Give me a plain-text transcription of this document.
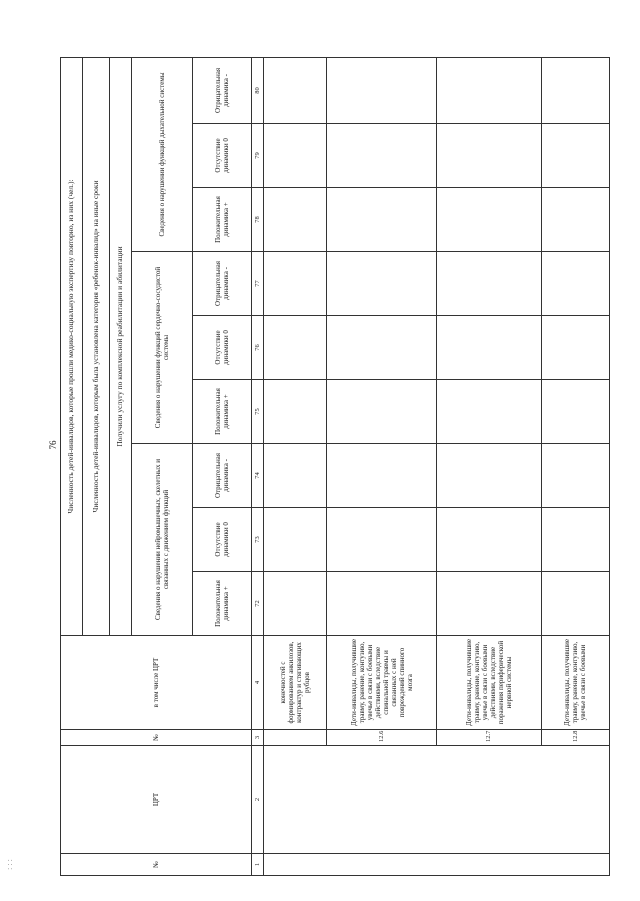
76
: : :	№	ЦРТ	№	в том числе ЦРТ	Численность детей-инвалидов, которые прошли медико-социальную экспертизу повторно, из них (чел.):								
				Численность детей-инвалидов, которым была установлена категория «ребенок-инвалид» на иные сроки								
				Получили услугу по комплексной реабилитации и абилитации								
				Сведения о нарушении нейромышечных, скелетных и связанных с движением функций			Сведения о нарушении функций сердечно-сосудистой системы			Сведения о нарушении функций дыхательной системы		
				Положительная динамика +	Отсутствие динамики 0	Отрицательная динамика -	Положительная динамика +	Отсутствие динамики 0	Отрицательная динамика -	Положительная динамика +	Отсутствие динамики 0	Отрицательная динамика -
1	2	3	4	72	73	74	75	76	77	78	79	80
			конечностей с формированием анкилозов, контрактур и стягивающих рубцов									
		12.6	Дети-инвалиды, получившие травму, ранение, контузию, увечье в связи с боевыми действиями, вследствие спинальной травмы и связанных с ней повреждений спинного мозга									
		12.7	Дети-инвалиды, получившие травму, ранение, контузию, увечье в связи с боевыми действиями, вследствие поражения периферической нервной системы									
		12.8	Дети-инвалиды, получившие травму, ранение, контузию, увечье в связи с боевыми									
